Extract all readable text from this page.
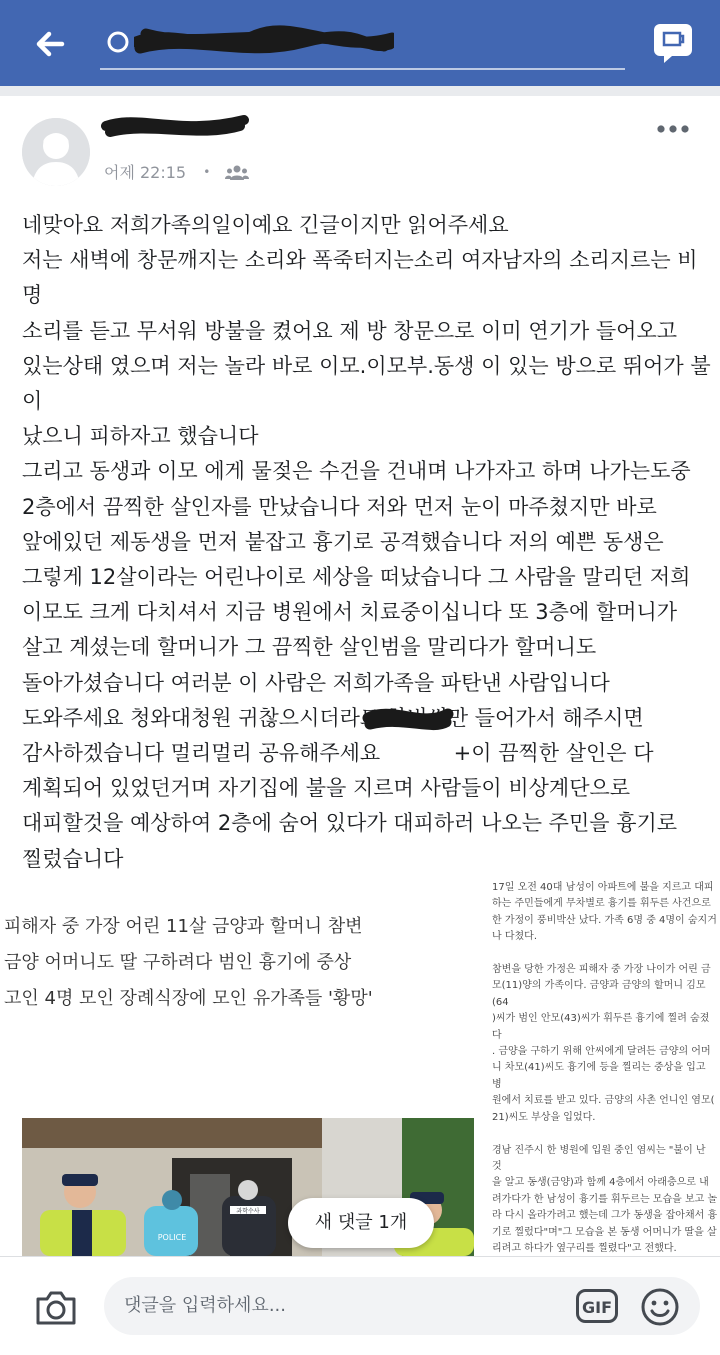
어제 22:15 •

네맞아요 저희가족의일이예요 긴글이지만 읽어주세요
저는 새벽에 창문깨지는 소리와 폭죽터지는소리 여자남자의 소리지르는 비명
소리를 듣고 무서워 방불을 켰어요 제 방 창문으로 이미 연기가 들어오고
있는상태 였으며 저는 놀라 바로 이모.이모부.동생 이 있는 방으로 뛰어가 불이
났으니 피하자고 했습니다
그리고 동생과 이모 에게 물젖은 수건을 건내며 나가자고 하며 나가는도중
2층에서 끔찍한 살인자를 만났습니다 저와 먼저 눈이 마주쳤지만 바로
앞에있던 제동생을 먼저 붙잡고 흉기로 공격했습니다 저의 예쁜 동생은
그렇게 12살이라는 어린나이로 세상을 떠났습니다 그 사람을 말리던 저희
이모도 크게 다치셔서 지금 병원에서 치료중이십니다 또 3층에 할머니가
살고 계셨는데 할머니가 그 끔찍한 살인범을 말리다가 할머니도
돌아가셨습니다 여러분 이 사람은 저희가족을 파탄낸 사람입니다
도와주세요 청와대청원 귀찮으시더라도 한번씩만 들어가서 해주시면
감사하겠습니다 멀리멀리 공유해주세요           +이 끔찍한 살인은 다
계획되어 있었던거며 자기집에 불을 지르며 사람들이 비상계단으로
대피할것을 예상하여 2층에 숨어 있다가 대피하러 나오는 주민을 흉기로
찔렀습니다

피해자 중 가장 어린 11살 금양과 할머니 참변
금양 어머니도 딸 구하려다 범인 흉기에 중상
고인 4명 모인 장례식장에 모인 유가족들 '황망'
POLICE
과학수사

17일 오전 40대 남성이 아파트에 불을 지르고 대피
하는 주민들에게 무차별로 흉기를 휘두른 사건으로
한 가정이 풍비박산 났다. 가족 6명 중 4명이 숨지거
나 다쳤다.

참변을 당한 가정은 피해자 중 가장 나이가 어린 금
모(11)양의 가족이다. 금양과 금양의 할머니 김모(64
)씨가 범인 안모(43)씨가 휘두른 흉기에 찔려 숨졌다
. 금양을 구하기 위해 안씨에게 달려든 금양의 어머
니 차모(41)씨도 흉기에 등을 찔리는 중상을 입고 병
원에서 치료를 받고 있다. 금양의 사촌 언니인 염모(
21)씨도 부상을 입었다.

경남 진주시 한 병원에 입원 중인 염씨는 "불이 난 것
을 알고 동생(금양)과 함께 4층에서 아래층으로 내
려가다가 한 남성이 흉기를 휘두르는 모습을 보고 놀
라 다시 올라가려고 했는데 그가 동생을 잡아채서 흉
기로 찔렀다"며"그 모습을 본 동생 어머니가 딸을 살
리려고 하다가 옆구리를 찔렸다"고 전했다.

새 댓글 1개
댓글을 입력하세요...	GIF
